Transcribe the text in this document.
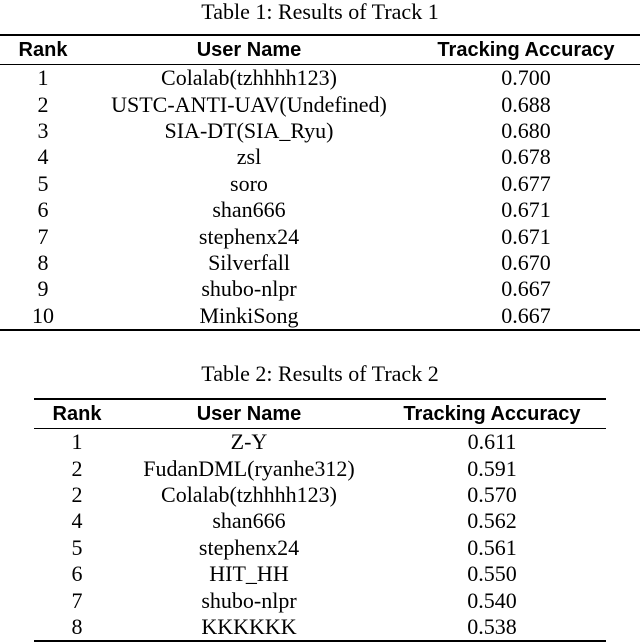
Table 1: Results of Track 1
Rank	User Name	Tracking Accuracy
1	Colalab(tzhhhh123)	0.700
2	USTC-ANTI-UAV(Undefined)	0.688
3	SIA-DT(SIA_Ryu)	0.680
4	zsl	0.678
5	soro	0.677
6	shan666	0.671
7	stephenx24	0.671
8	Silverfall	0.670
9	shubo-nlpr	0.667
10	MinkiSong	0.667
Table 2: Results of Track 2
Rank	User Name	Tracking Accuracy
1	Z-Y	0.611
2	FudanDML(ryanhe312)	0.591
2	Colalab(tzhhhh123)	0.570
4	shan666	0.562
5	stephenx24	0.561
6	HIT_HH	0.550
7	shubo-nlpr	0.540
8	KKKKKK	0.538
